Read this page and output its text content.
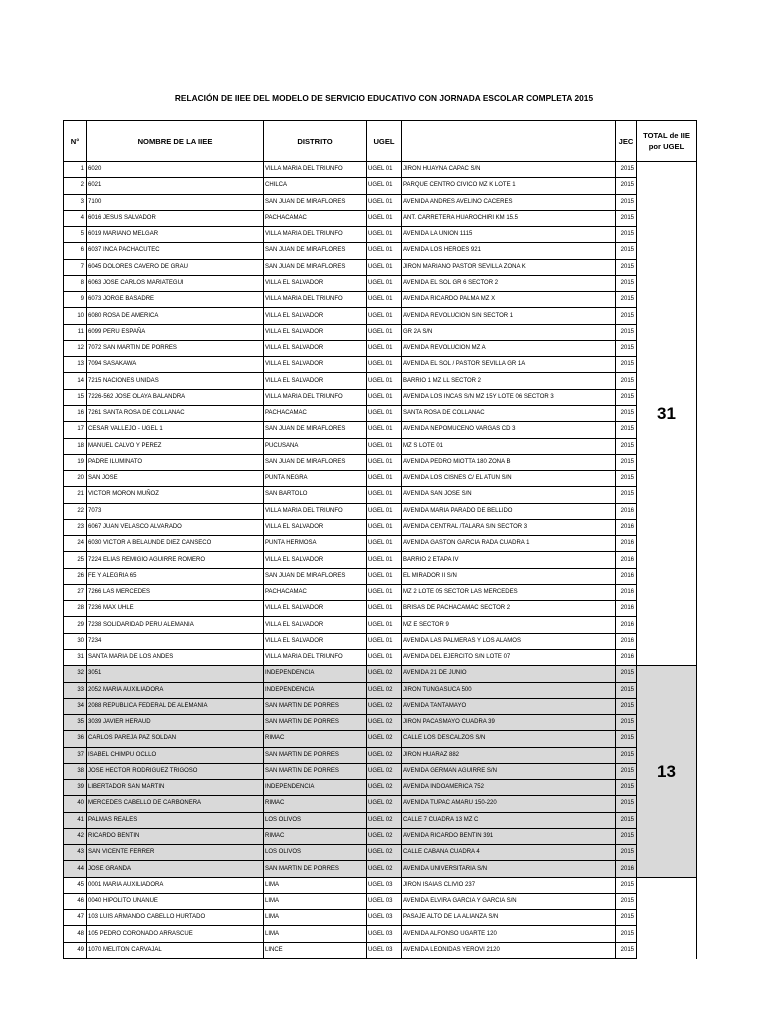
RELACIÓN DE IIEE DEL MODELO DE SERVICIO EDUCATIVO CON JORNADA ESCOLAR COMPLETA 2015
N°	NOMBRE DE LA IIEE	DISTRITO	UGEL		JEC	TOTAL de IIE por UGEL
1	6020	VILLA MARIA DEL TRIUNFO	UGEL 01	JIRON HUAYNA CAPAC S/N	2015	31
2	6021	CHILCA	UGEL 01	PARQUE CENTRO CIVICO MZ K LOTE 1	2015	
3	7100	SAN JUAN DE MIRAFLORES	UGEL 01	AVENIDA ANDRES AVELINO CACERES	2015	
4	6016 JESUS SALVADOR	PACHACAMAC	UGEL 01	ANT. CARRETERA HUAROCHIRI KM 15.5	2015	
5	6019 MARIANO MELGAR	VILLA MARIA DEL TRIUNFO	UGEL 01	AVENIDA LA UNION 1115	2015	
6	6037 INCA PACHACUTEC	SAN JUAN DE MIRAFLORES	UGEL 01	AVENIDA LOS HEROES 921	2015	
7	6045 DOLORES CAVERO DE GRAU	SAN JUAN DE MIRAFLORES	UGEL 01	JIRON MARIANO PASTOR SEVILLA ZONA K	2015	
8	6063 JOSE CARLOS MARIATEGUI	VILLA EL SALVADOR	UGEL 01	AVENIDA EL SOL GR 6 SECTOR 2	2015	
9	6073 JORGE BASADRE	VILLA MARIA DEL TRIUNFO	UGEL 01	AVENIDA RICARDO PALMA MZ X	2015	
10	6080 ROSA DE AMERICA	VILLA EL SALVADOR	UGEL 01	AVENIDA REVOLUCION S/N SECTOR 1	2015	
11	6099 PERU ESPAÑA	VILLA EL SALVADOR	UGEL 01	GR 2A S/N	2015	
12	7072 SAN MARTIN DE PORRES	VILLA EL SALVADOR	UGEL 01	AVENIDA REVOLUCION MZ A	2015	
13	7094 SASAKAWA	VILLA EL SALVADOR	UGEL 01	AVENIDA EL SOL / PASTOR SEVILLA GR 1A	2015	
14	7215 NACIONES UNIDAS	VILLA EL SALVADOR	UGEL 01	BARRIO 1 MZ LL SECTOR 2	2015	
15	7226-562 JOSE OLAYA BALANDRA	VILLA MARIA DEL TRIUNFO	UGEL 01	AVENIDA LOS INCAS S/N MZ 15Y LOTE 06 SECTOR 3	2015	
16	7261 SANTA ROSA DE COLLANAC	PACHACAMAC	UGEL 01	SANTA ROSA DE COLLANAC	2015	
17	CESAR VALLEJO - UGEL 1	SAN JUAN DE MIRAFLORES	UGEL 01	AVENIDA NEPOMUCENO VARGAS CD 3	2015	
18	MANUEL CALVO Y PEREZ	PUCUSANA	UGEL 01	MZ S LOTE 01	2015	
19	PADRE ILUMINATO	SAN JUAN DE MIRAFLORES	UGEL 01	AVENIDA PEDRO MIOTTA 180 ZONA B	2015	
20	SAN JOSE	PUNTA NEGRA	UGEL 01	AVENIDA LOS CISNES C/ EL ATUN S/N	2015	
21	VICTOR MORON MUÑOZ	SAN BARTOLO	UGEL 01	AVENIDA SAN JOSE S/N	2015	
22	7073	VILLA MARIA DEL TRIUNFO	UGEL 01	AVENIDA MARIA PARADO DE BELLIDO	2016	
23	6067 JUAN VELASCO ALVARADO	VILLA EL SALVADOR	UGEL 01	AVENIDA CENTRAL /TALARA S/N SECTOR 3	2016	
24	6030 VICTOR A BELAUNDE DIEZ CANSECO	PUNTA HERMOSA	UGEL 01	AVENIDA GASTON GARCIA RADA CUADRA 1	2016	
25	7224 ELIAS REMIGIO AGUIRRE ROMERO	VILLA EL SALVADOR	UGEL 01	BARRIO 2 ETAPA IV	2016	
26	FE Y ALEGRIA 65	SAN JUAN DE MIRAFLORES	UGEL 01	EL MIRADOR II S/N	2016	
27	7266 LAS MERCEDES	PACHACAMAC	UGEL 01	MZ 2 LOTE 05 SECTOR LAS MERCEDES	2016	
28	7236 MAX UHLE	VILLA EL SALVADOR	UGEL 01	BRISAS DE PACHACAMAC SECTOR 2	2016	
29	7238 SOLIDARIDAD PERU ALEMANIA	VILLA EL SALVADOR	UGEL 01	MZ E SECTOR 9	2016	
30	7234	VILLA EL SALVADOR	UGEL 01	AVENIDA LAS PALMERAS Y LOS ALAMOS	2016	
31	SANTA MARIA DE LOS ANDES	VILLA MARIA DEL TRIUNFO	UGEL 01	AVENIDA DEL EJERCITO S/N LOTE 07	2016	
32	3051	INDEPENDENCIA	UGEL 02	AVENIDA 21 DE JUNIO	2015	13
33	2052 MARIA AUXILIADORA	INDEPENDENCIA	UGEL 02	JIRON TUNGASUCA 500	2015	
34	2088 REPUBLICA FEDERAL DE ALEMANIA	SAN MARTIN DE PORRES	UGEL 02	AVENIDA TANTAMAYO	2015	
35	3039 JAVIER HERAUD	SAN MARTIN DE PORRES	UGEL 02	JIRON PACASMAYO CUADRA 39	2015	
36	CARLOS PAREJA PAZ SOLDAN	RIMAC	UGEL 02	CALLE LOS DESCALZOS S/N	2015	
37	ISABEL CHIMPU OCLLO	SAN MARTIN DE PORRES	UGEL 02	JIRON HUARAZ 882	2015	
38	JOSE HECTOR RODRIGUEZ TRIGOSO	SAN MARTIN DE PORRES	UGEL 02	AVENIDA GERMAN AGUIRRE S/N	2015	
39	LIBERTADOR SAN MARTIN	INDEPENDENCIA	UGEL 02	AVENIDA INDOAMERICA 752	2015	
40	MERCEDES CABELLO DE CARBONERA	RIMAC	UGEL 02	AVENIDA TUPAC AMARU 150-220	2015	
41	PALMAS REALES	LOS OLIVOS	UGEL 02	CALLE 7 CUADRA 13 MZ C	2015	
42	RICARDO BENTIN	RIMAC	UGEL 02	AVENIDA RICARDO BENTIN 391	2015	
43	SAN VICENTE FERRER	LOS OLIVOS	UGEL 02	CALLE CABANA CUADRA 4	2015	
44	JOSE GRANDA	SAN MARTIN DE PORRES	UGEL 02	AVENIDA UNIVERSITARIA S/N	2016	
45	0001 MARIA AUXILIADORA	LIMA	UGEL 03	JIRON ISAIAS CLIVIO 237	2015	
46	0040 HIPOLITO UNANUE	LIMA	UGEL 03	AVENIDA ELVIRA GARCIA Y GARCIA S/N	2015	
47	103 LUIS ARMANDO CABELLO HURTADO	LIMA	UGEL 03	PASAJE ALTO DE LA ALIANZA S/N	2015	
48	105 PEDRO CORONADO ARRASCUE	LIMA	UGEL 03	AVENIDA ALFONSO UGARTE 120	2015	
49	1070 MELITON CARVAJAL	LINCE	UGEL 03	AVENIDA LEONIDAS YEROVI 2120	2015	
